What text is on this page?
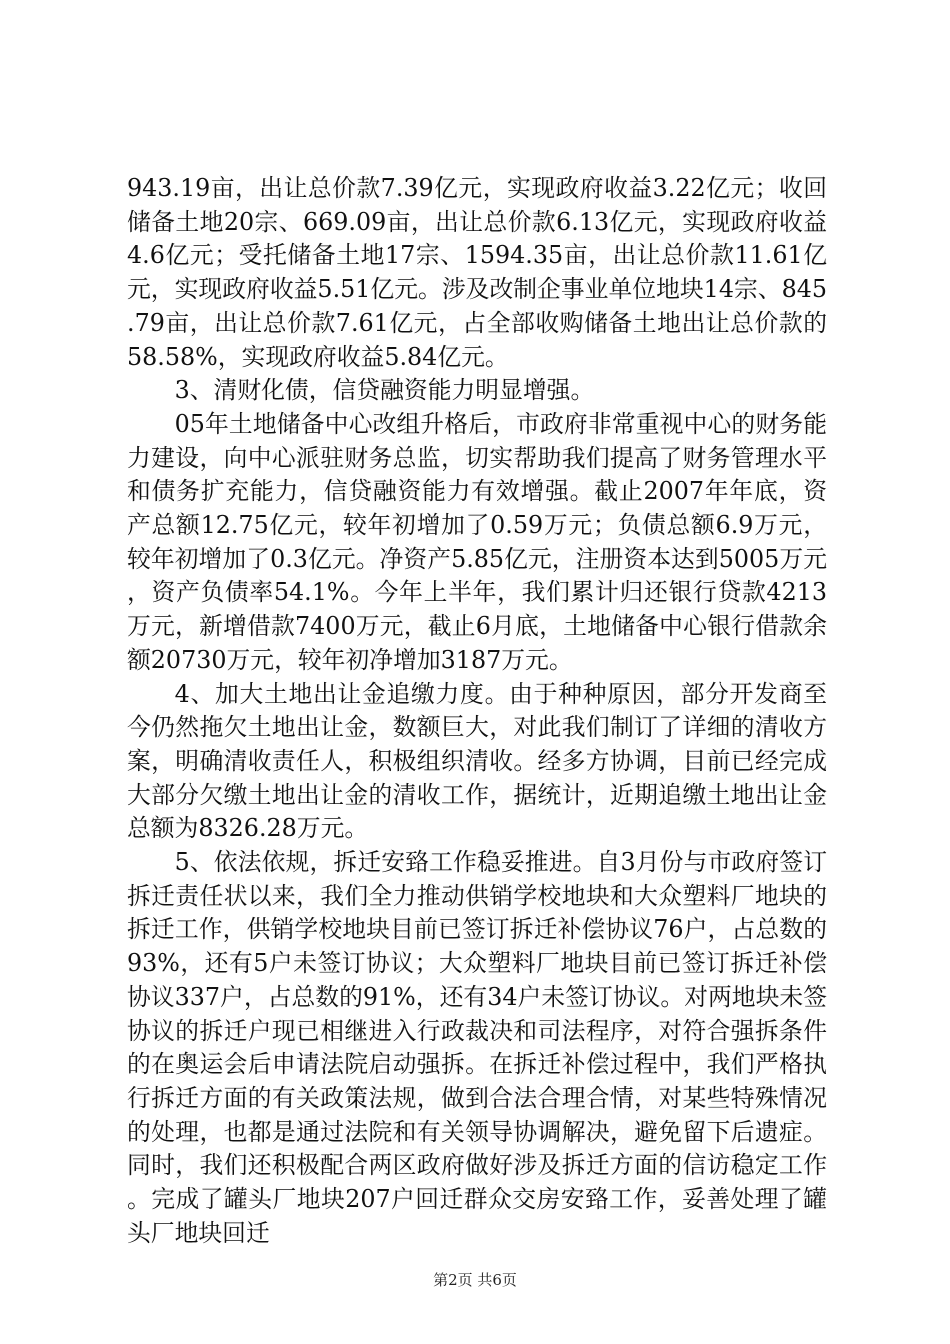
943.19亩，出让总价款7.39亿元，实现政府收益3.22亿元；收回储备土地20宗、669.09亩，出让总价款6.13亿元，实现政府收益4.6亿元；受托储备土地17宗、1594.35亩，出让总价款11.61亿元，实现政府收益5.51亿元。涉及改制企事业单位地块14宗、845.79亩，出让总价款7.61亿元，占全部收购储备土地出让总价款的58.58%，实现政府收益5.84亿元。

3、清财化债，信贷融资能力明显增强。

05年土地储备中心改组升格后，市政府非常重视中心的财务能力建设，向中心派驻财务总监，切实帮助我们提高了财务管理水平和债务扩充能力，信贷融资能力有效增强。截止2007年年底，资产总额12.75亿元，较年初增加了0.59万元；负债总额6.9万元，较年初增加了0.3亿元。净资产5.85亿元，注册资本达到5005万元，资产负债率54.1%。今年上半年，我们累计归还银行贷款4213万元，新增借款7400万元，截止6月底，土地储备中心银行借款余额20730万元，较年初净增加3187万元。

4、加大土地出让金追缴力度。由于种种原因，部分开发商至今仍然拖欠土地出让金，数额巨大，对此我们制订了详细的清收方案，明确清收责任人，积极组织清收。经多方协调，目前已经完成大部分欠缴土地出让金的清收工作，据统计，近期追缴土地出让金总额为8326.28万元。

5、依法依规，拆迁安臵工作稳妥推进。自3月份与市政府签订拆迁责任状以来，我们全力推动供销学校地块和大众塑料厂地块的拆迁工作，供销学校地块目前已签订拆迁补偿协议76户，占总数的93%，还有5户未签订协议；大众塑料厂地块目前已签订拆迁补偿协议337户，占总数的91%，还有34户未签订协议。对两地块未签协议的拆迁户现已相继进入行政裁决和司法程序，对符合强拆条件的在奥运会后申请法院启动强拆。在拆迁补偿过程中，我们严格执行拆迁方面的有关政策法规，做到合法合理合情，对某些特殊情况的处理，也都是通过法院和有关领导协调解决，避免留下后遗症。同时，我们还积极配合两区政府做好涉及拆迁方面的信访稳定工作。完成了罐头厂地块207户回迁群众交房安臵工作，妥善处理了罐头厂地块回迁

第2页 共6页
